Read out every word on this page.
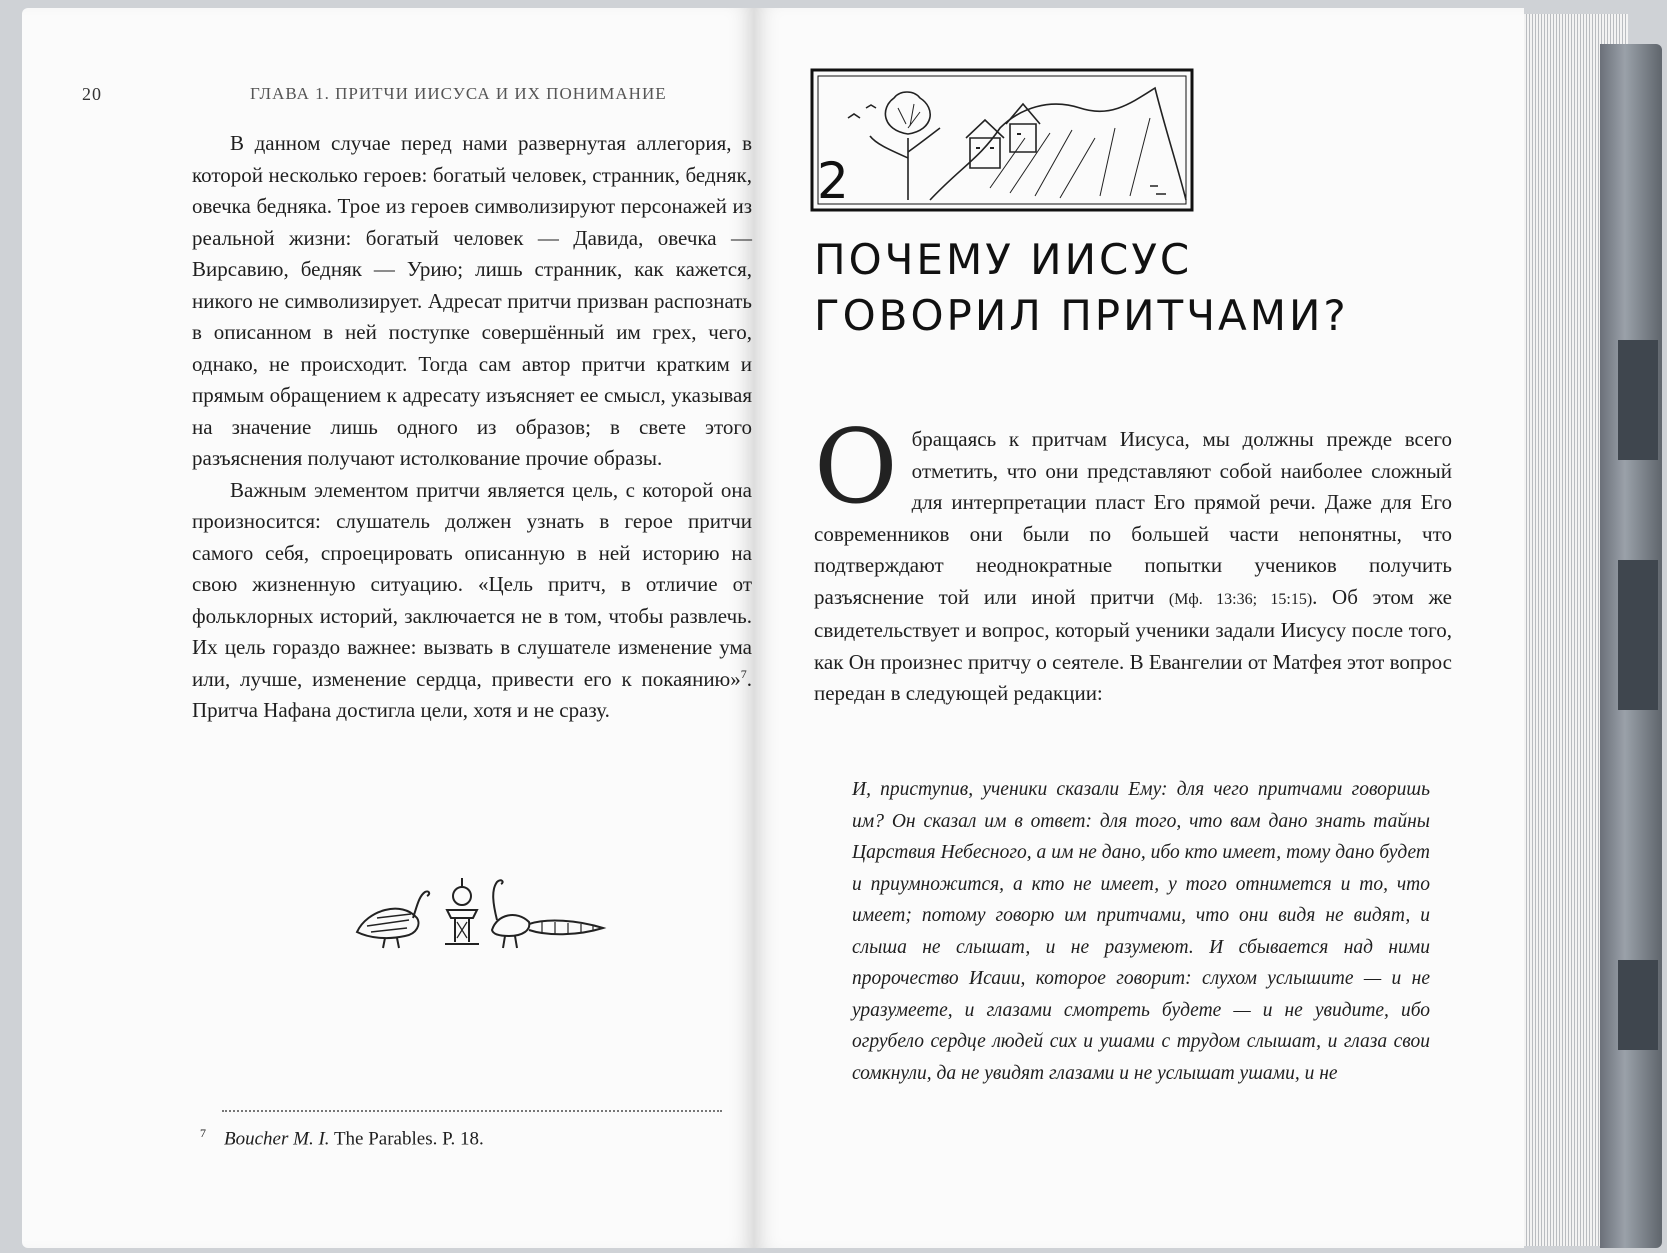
20	ГЛАВА 1. ПРИТЧИ ИИСУСА И ИХ ПОНИМАНИЕ

В данном случае перед нами развернутая аллегория, в которой несколько героев: богатый человек, странник, бедняк, овечка бедняка. Трое из героев символизируют персонажей из реальной жизни: богатый человек — Давида, овечка — Вирсавию, бедняк — Урию; лишь странник, как кажется, никого не символизирует. Адресат притчи призван распознать в описанном в ней поступке совершённый им грех, чего, однако, не происходит. Тогда сам автор притчи кратким и прямым обращением к адресату изъясняет ее смысл, указывая на значение лишь одного из образов; в свете этого разъяснения получают истолкование прочие образы.

Важным элементом притчи является цель, с которой она произносится: слушатель должен узнать в герое притчи самого себя, спроецировать описанную в ней историю на свою жизненную ситуацию. «Цель притч, в отличие от фольклорных историй, заключается не в том, чтобы развлечь. Их цель гораздо важнее: вызвать в слушателе изменение ума или, лучше, изменение сердца, привести его к покаянию»$^7$. Притча Нафана достигла цели, хотя и не сразу.

$^7$ Boucher M. I. The Parables. P. 18.
2
ПОЧЕМУ ИИСУС
ГОВОРИЛ ПРИТЧАМИ?

Обращаясь к притчам Иисуса, мы должны прежде всего отметить, что они представляют собой наиболее сложный для интерпретации пласт Его прямой речи. Даже для Его современников они были по большей части непонятны, что подтверждают неоднократные попытки учеников получить разъяснение той или иной притчи (Мф. 13:36; 15:15). Об этом же свидетельствует и вопрос, который ученики задали Иисусу после того, как Он произнес притчу о сеятеле. В Евангелии от Матфея этот вопрос передан в следующей редакции:

И, приступив, ученики сказали Ему: для чего притчами говоришь им? Он сказал им в ответ: для того, что вам дано знать тайны Царствия Небесного, а им не дано, ибо кто имеет, тому дано будет и приумножится, а кто не имеет, у того отнимется и то, что имеет; потому говорю им притчами, что они видя не видят, и слыша не слышат, и не разумеют. И сбывается над ними пророчество Исаии, которое говорит: слухом услышите — и не уразумеете, и глазами смотреть будете — и не увидите, ибо огрубело сердце людей сих и ушами с трудом слышат, и глаза свои сомкнули, да не увидят глазами и не услышат ушами, и не
